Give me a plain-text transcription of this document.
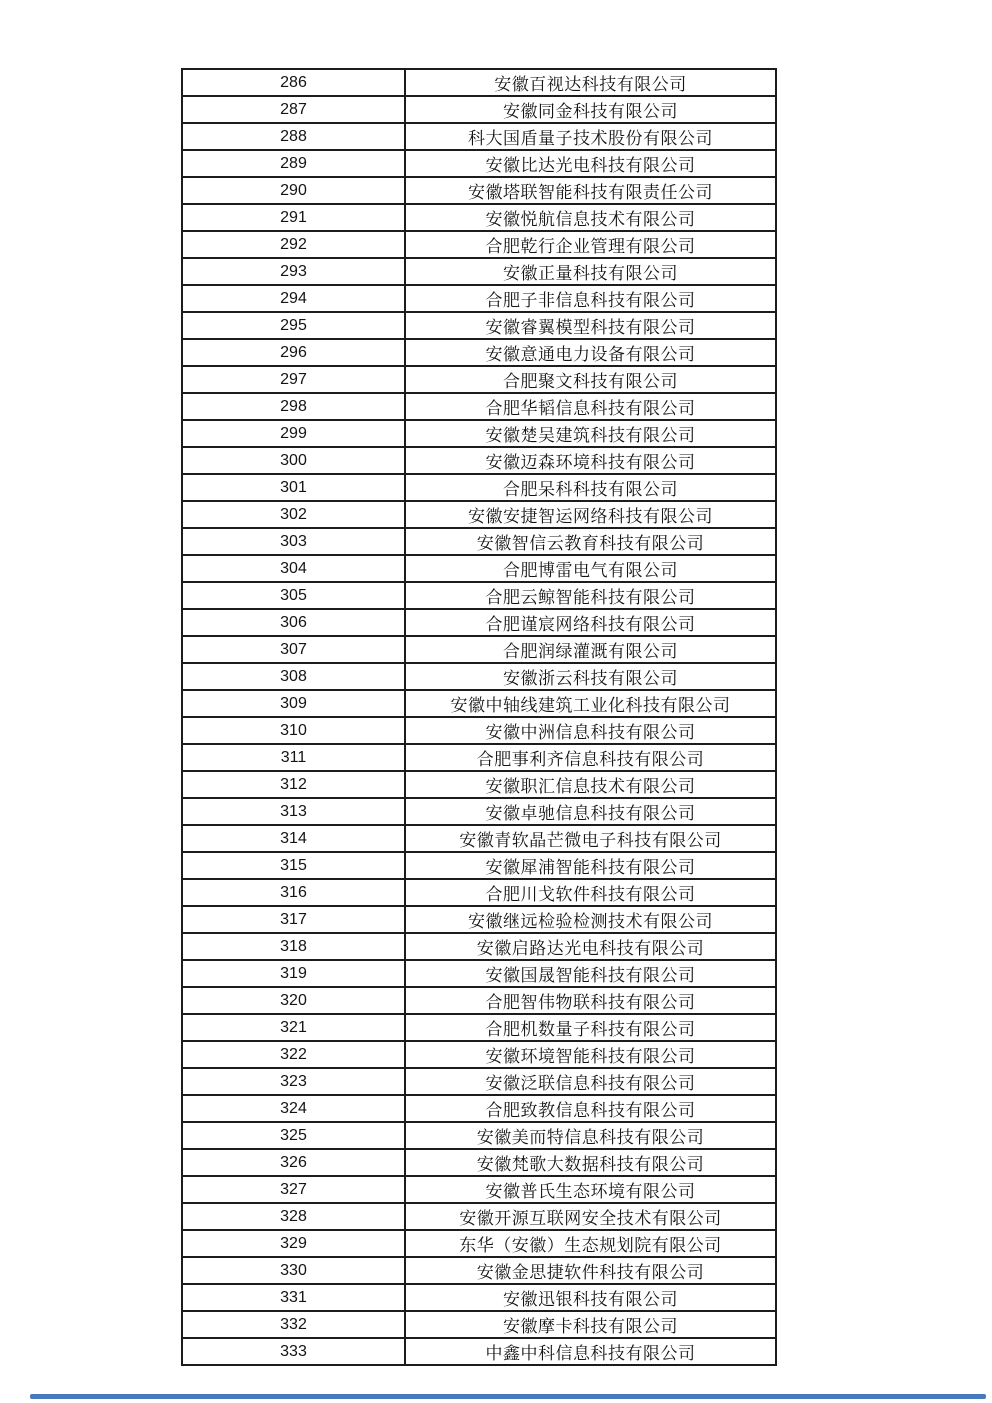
286	安徽百视达科技有限公司
287	安徽同金科技有限公司
288	科大国盾量子技术股份有限公司
289	安徽比达光电科技有限公司
290	安徽塔联智能科技有限责任公司
291	安徽悦航信息技术有限公司
292	合肥乾行企业管理有限公司
293	安徽正量科技有限公司
294	合肥子非信息科技有限公司
295	安徽睿翼模型科技有限公司
296	安徽意通电力设备有限公司
297	合肥聚文科技有限公司
298	合肥华韬信息科技有限公司
299	安徽楚吴建筑科技有限公司
300	安徽迈森环境科技有限公司
301	合肥呆科科技有限公司
302	安徽安捷智运网络科技有限公司
303	安徽智信云教育科技有限公司
304	合肥博雷电气有限公司
305	合肥云鲸智能科技有限公司
306	合肥谨宸网络科技有限公司
307	合肥润绿灌溉有限公司
308	安徽浙云科技有限公司
309	安徽中轴线建筑工业化科技有限公司
310	安徽中洲信息科技有限公司
311	合肥事利齐信息科技有限公司
312	安徽职汇信息技术有限公司
313	安徽卓驰信息科技有限公司
314	安徽青软晶芒微电子科技有限公司
315	安徽犀浦智能科技有限公司
316	合肥川戈软件科技有限公司
317	安徽继远检验检测技术有限公司
318	安徽启路达光电科技有限公司
319	安徽国晟智能科技有限公司
320	合肥智伟物联科技有限公司
321	合肥机数量子科技有限公司
322	安徽环境智能科技有限公司
323	安徽泛联信息科技有限公司
324	合肥致教信息科技有限公司
325	安徽美而特信息科技有限公司
326	安徽梵歌大数据科技有限公司
327	安徽普氏生态环境有限公司
328	安徽开源互联网安全技术有限公司
329	东华（安徽）生态规划院有限公司
330	安徽金思捷软件科技有限公司
331	安徽迅银科技有限公司
332	安徽摩卡科技有限公司
333	中鑫中科信息科技有限公司
